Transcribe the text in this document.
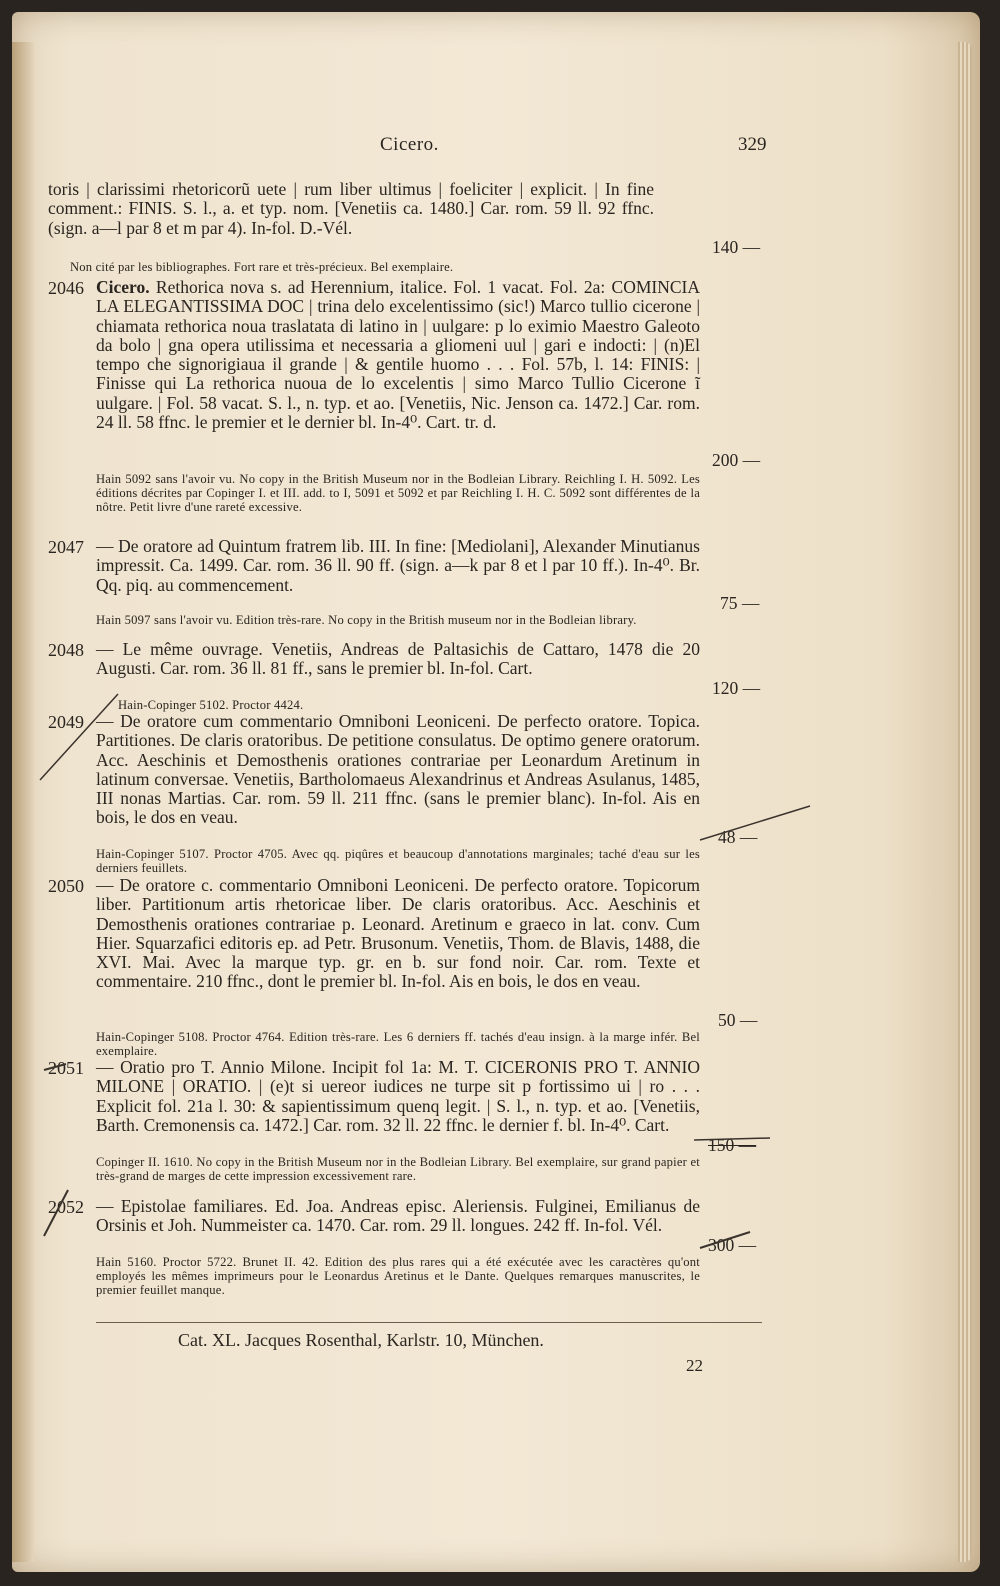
Cicero.	329
toris | clarissimi rhetoricorũ uete | rum liber ultimus | foeliciter | explicit. | In fine comment.: FINIS. S. l., a. et typ. nom. [Venetiis ca. 1480.] Car. rom. 59 ll. 92 ffnc. (sign. a—l par 8 et m par 4). In-fol. D.-Vél.
140 —
Non cité par les bibliographes. Fort rare et très-précieux. Bel exemplaire.
2046 Cicero. Rethorica nova s. ad Herennium, italice. Fol. 1 vacat. Fol. 2a: COMINCIA LA ELEGANTISSIMA DOC | trina delo excelentissimo (sic!) Marco tullio cicerone | chiamata rethorica noua traslatata di latino in | uulgare: p lo eximio Maestro Galeoto da bolo | gna opera utilissima et necessaria a gliomeni uul | gari e indocti: | (n)El tempo che signorigiaua il grande | & gentile huomo . . . Fol. 57b, l. 14: FINIS: | Finisse qui La rethorica nuoua de lo excelentis | simo Marco Tullio Cicerone ĩ uulgare. | Fol. 58 vacat. S. l., n. typ. et ao. [Venetiis, Nic. Jenson ca. 1472.] Car. rom. 24 ll. 58 ffnc. le premier et le dernier bl. In-4⁰. Cart. tr. d.
200 —
Hain 5092 sans l'avoir vu. No copy in the British Museum nor in the Bodleian Library. Reichling I. H. 5092. Les éditions décrites par Copinger I. et III. add. to I, 5091 et 5092 et par Reichling I. H. C. 5092 sont différentes de la nôtre. Petit livre d'une rareté excessive.
2047 — De oratore ad Quintum fratrem lib. III. In fine: [Mediolani], Alexander Minutianus impressit. Ca. 1499. Car. rom. 36 ll. 90 ff. (sign. a—k par 8 et l par 10 ff.). In-4⁰. Br. Qq. piq. au commencement.
75 —
Hain 5097 sans l'avoir vu. Edition très-rare. No copy in the British museum nor in the Bodleian library.
2048 — Le même ouvrage. Venetiis, Andreas de Paltasichis de Cattaro, 1478 die 20 Augusti. Car. rom. 36 ll. 81 ff., sans le premier bl. In-fol. Cart.
120 —
Hain-Copinger 5102. Proctor 4424.
2049 — De oratore cum commentario Omniboni Leoniceni. De perfecto oratore. Topica. Partitiones. De claris oratoribus. De petitione consulatus. De optimo genere oratorum. Acc. Aeschinis et Demosthenis orationes contrariae per Leonardum Aretinum in latinum conversae. Venetiis, Bartholomaeus Alexandrinus et Andreas Asulanus, 1485, III nonas Martias. Car. rom. 59 ll. 211 ffnc. (sans le premier blanc). In-fol. Ais en bois, le dos en veau.
48 —
Hain-Copinger 5107. Proctor 4705. Avec qq. piqûres et beaucoup d'annotations marginales; taché d'eau sur les derniers feuillets.
2050 — De oratore c. commentario Omniboni Leoniceni. De perfecto oratore. Topicorum liber. Partitionum artis rhetoricae liber. De claris oratoribus. Acc. Aeschinis et Demosthenis orationes contrariae p. Leonard. Aretinum e graeco in lat. conv. Cum Hier. Squarzafici editoris ep. ad Petr. Brusonum. Venetiis, Thom. de Blavis, 1488, die XVI. Mai. Avec la marque typ. gr. en b. sur fond noir. Car. rom. Texte et commentaire. 210 ffnc., dont le premier bl. In-fol. Ais en bois, le dos en veau.
50 —
Hain-Copinger 5108. Proctor 4764. Edition très-rare. Les 6 derniers ff. tachés d'eau insign. à la marge infér. Bel exemplaire.
2051 — Oratio pro T. Annio Milone. Incipit fol 1a: M. T. CICERONIS PRO T. ANNIO MILONE | ORATIO. | (e)t si uereor iudices ne turpe sit p fortissimo ui | ro . . . Explicit fol. 21a l. 30: & sapientissimum quenq legit. | S. l., n. typ. et ao. [Venetiis, Barth. Cremonensis ca. 1472.] Car. rom. 32 ll. 22 ffnc. le dernier f. bl. In-4⁰. Cart.
150 —
Copinger II. 1610. No copy in the British Museum nor in the Bodleian Library. Bel exemplaire, sur grand papier et très-grand de marges de cette impression excessivement rare.
2052 — Epistolae familiares. Ed. Joa. Andreas episc. Aleriensis. Fulginei, Emilianus de Orsinis et Joh. Nummeister ca. 1470. Car. rom. 29 ll. longues. 242 ff. In-fol. Vél.
300 —
Hain 5160. Proctor 5722. Brunet II. 42. Edition des plus rares qui a été exécutée avec les caractères qu'ont employés les mêmes imprimeurs pour le Leonardus Aretinus et le Dante. Quelques remarques manuscrites, le premier feuillet manque.
Cat. XL. Jacques Rosenthal, Karlstr. 10, München.
22
